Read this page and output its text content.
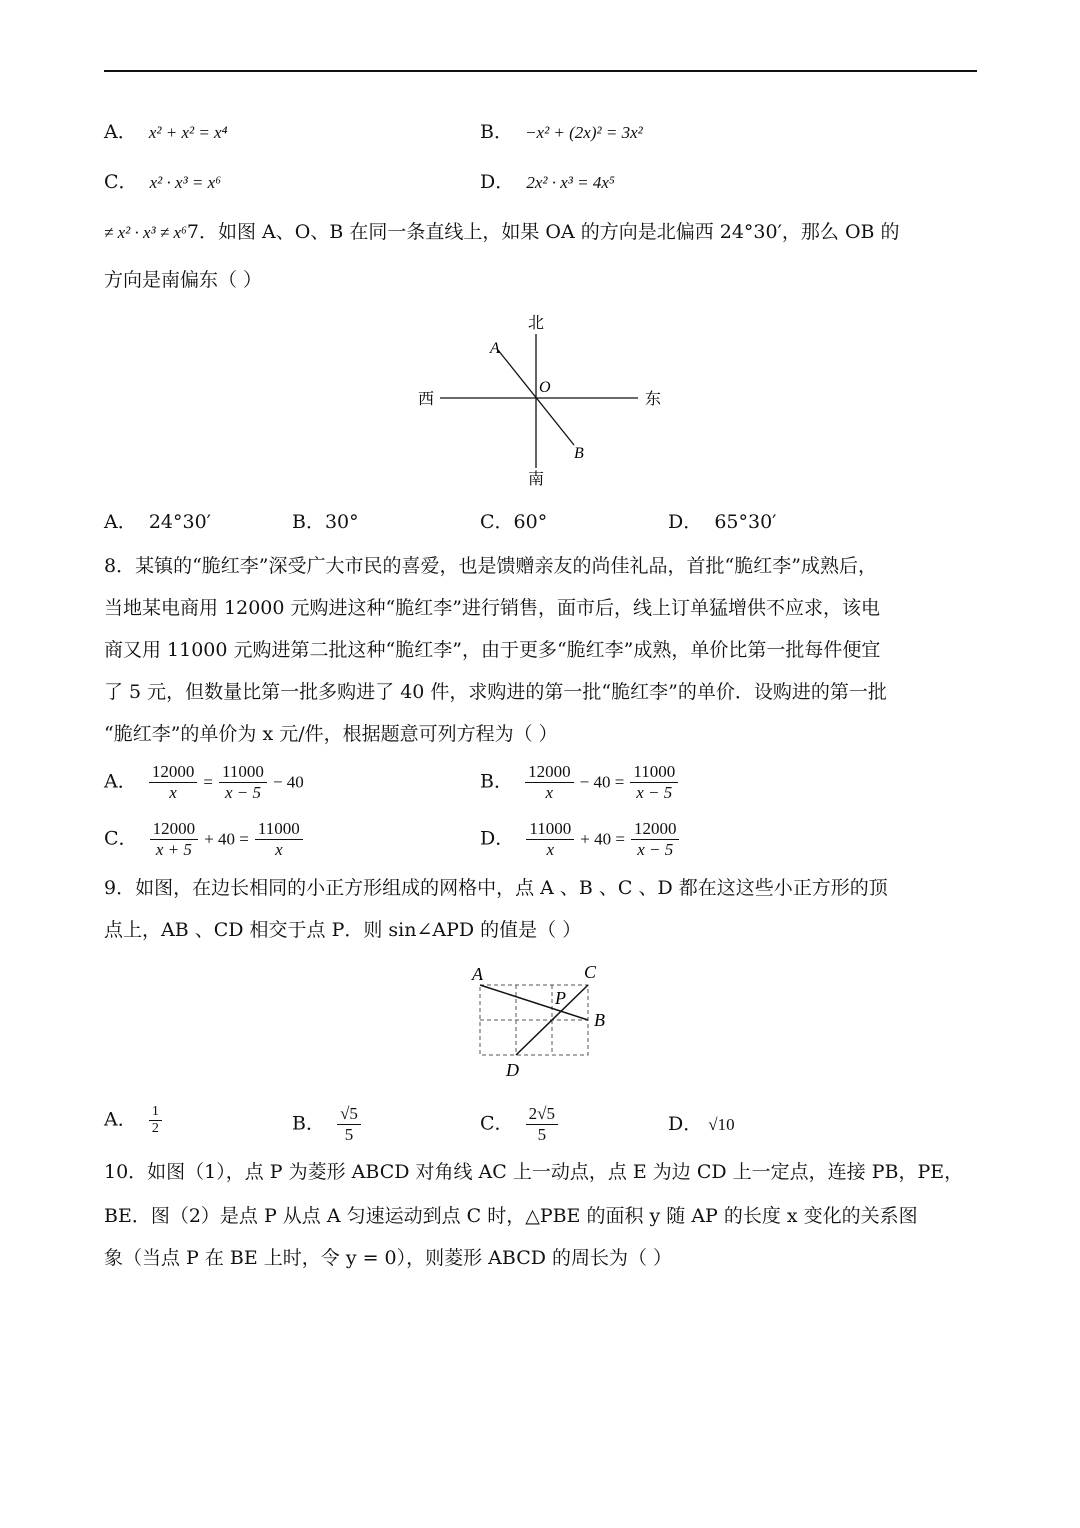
A． x² + x² = x⁴	B． −x² + (2x)² = 3x²
C． x² · x³ = x⁶	D． 2x² · x³ = 4x⁵
≠ x² · x³ ≠ x⁶7．如图 A、O、B 在同一条直线上，如果 OA 的方向是北偏西 24°30′，那么 OB 的
方向是南偏东（ ）
北
南
西	东
A
O
B
A． 24°30′	B．30°	C．60°	D． 65°30′
8．某镇的“脆红李”深受广大市民的喜爱，也是馈赠亲友的尚佳礼品，首批“脆红李”成熟后，
当地某电商用 12000 元购进这种“脆红李”进行销售，面市后，线上订单猛增供不应求，该电
商又用 11000 元购进第二批这种“脆红李”，由于更多“脆红李”成熟，单价比第一批每件便宜
了 5 元，但数量比第一批多购进了 40 件，求购进的第一批“脆红李”的单价．设购进的第一批
“脆红李”的单价为 x 元/件，根据题意可列方程为（ ）
A． $\frac{12000}{x} = \frac{11000}{x - 5} - 40$	B． $\frac{12000}{x} - 40 = \frac{11000}{x - 5}$
C． $\frac{12000}{x + 5} + 40 = \frac{11000}{x}$	D． $\frac{11000}{x} + 40 = \frac{12000}{x - 5}$
9．如图，在边长相同的小正方形组成的网格中，点 A 、B 、C 、D 都在这这些小正方形的顶
点上，AB 、CD 相交于点 P．则 sin∠APD 的值是（ ）
A	C
P
B
D
A． $\frac{1}{2}$	B． $\frac{√5}{5}$	C． $\frac{2√5}{5}$	D． √10
10．如图（1），点 P 为菱形 ABCD 对角线 AC 上一动点，点 E 为边 CD 上一定点，连接 PB，PE，
BE．图（2）是点 P 从点 A 匀速运动到点 C 时，△PBE 的面积 y 随 AP 的长度 x 变化的关系图
象（当点 P 在 BE 上时，令 y = 0），则菱形 ABCD 的周长为（ ）
